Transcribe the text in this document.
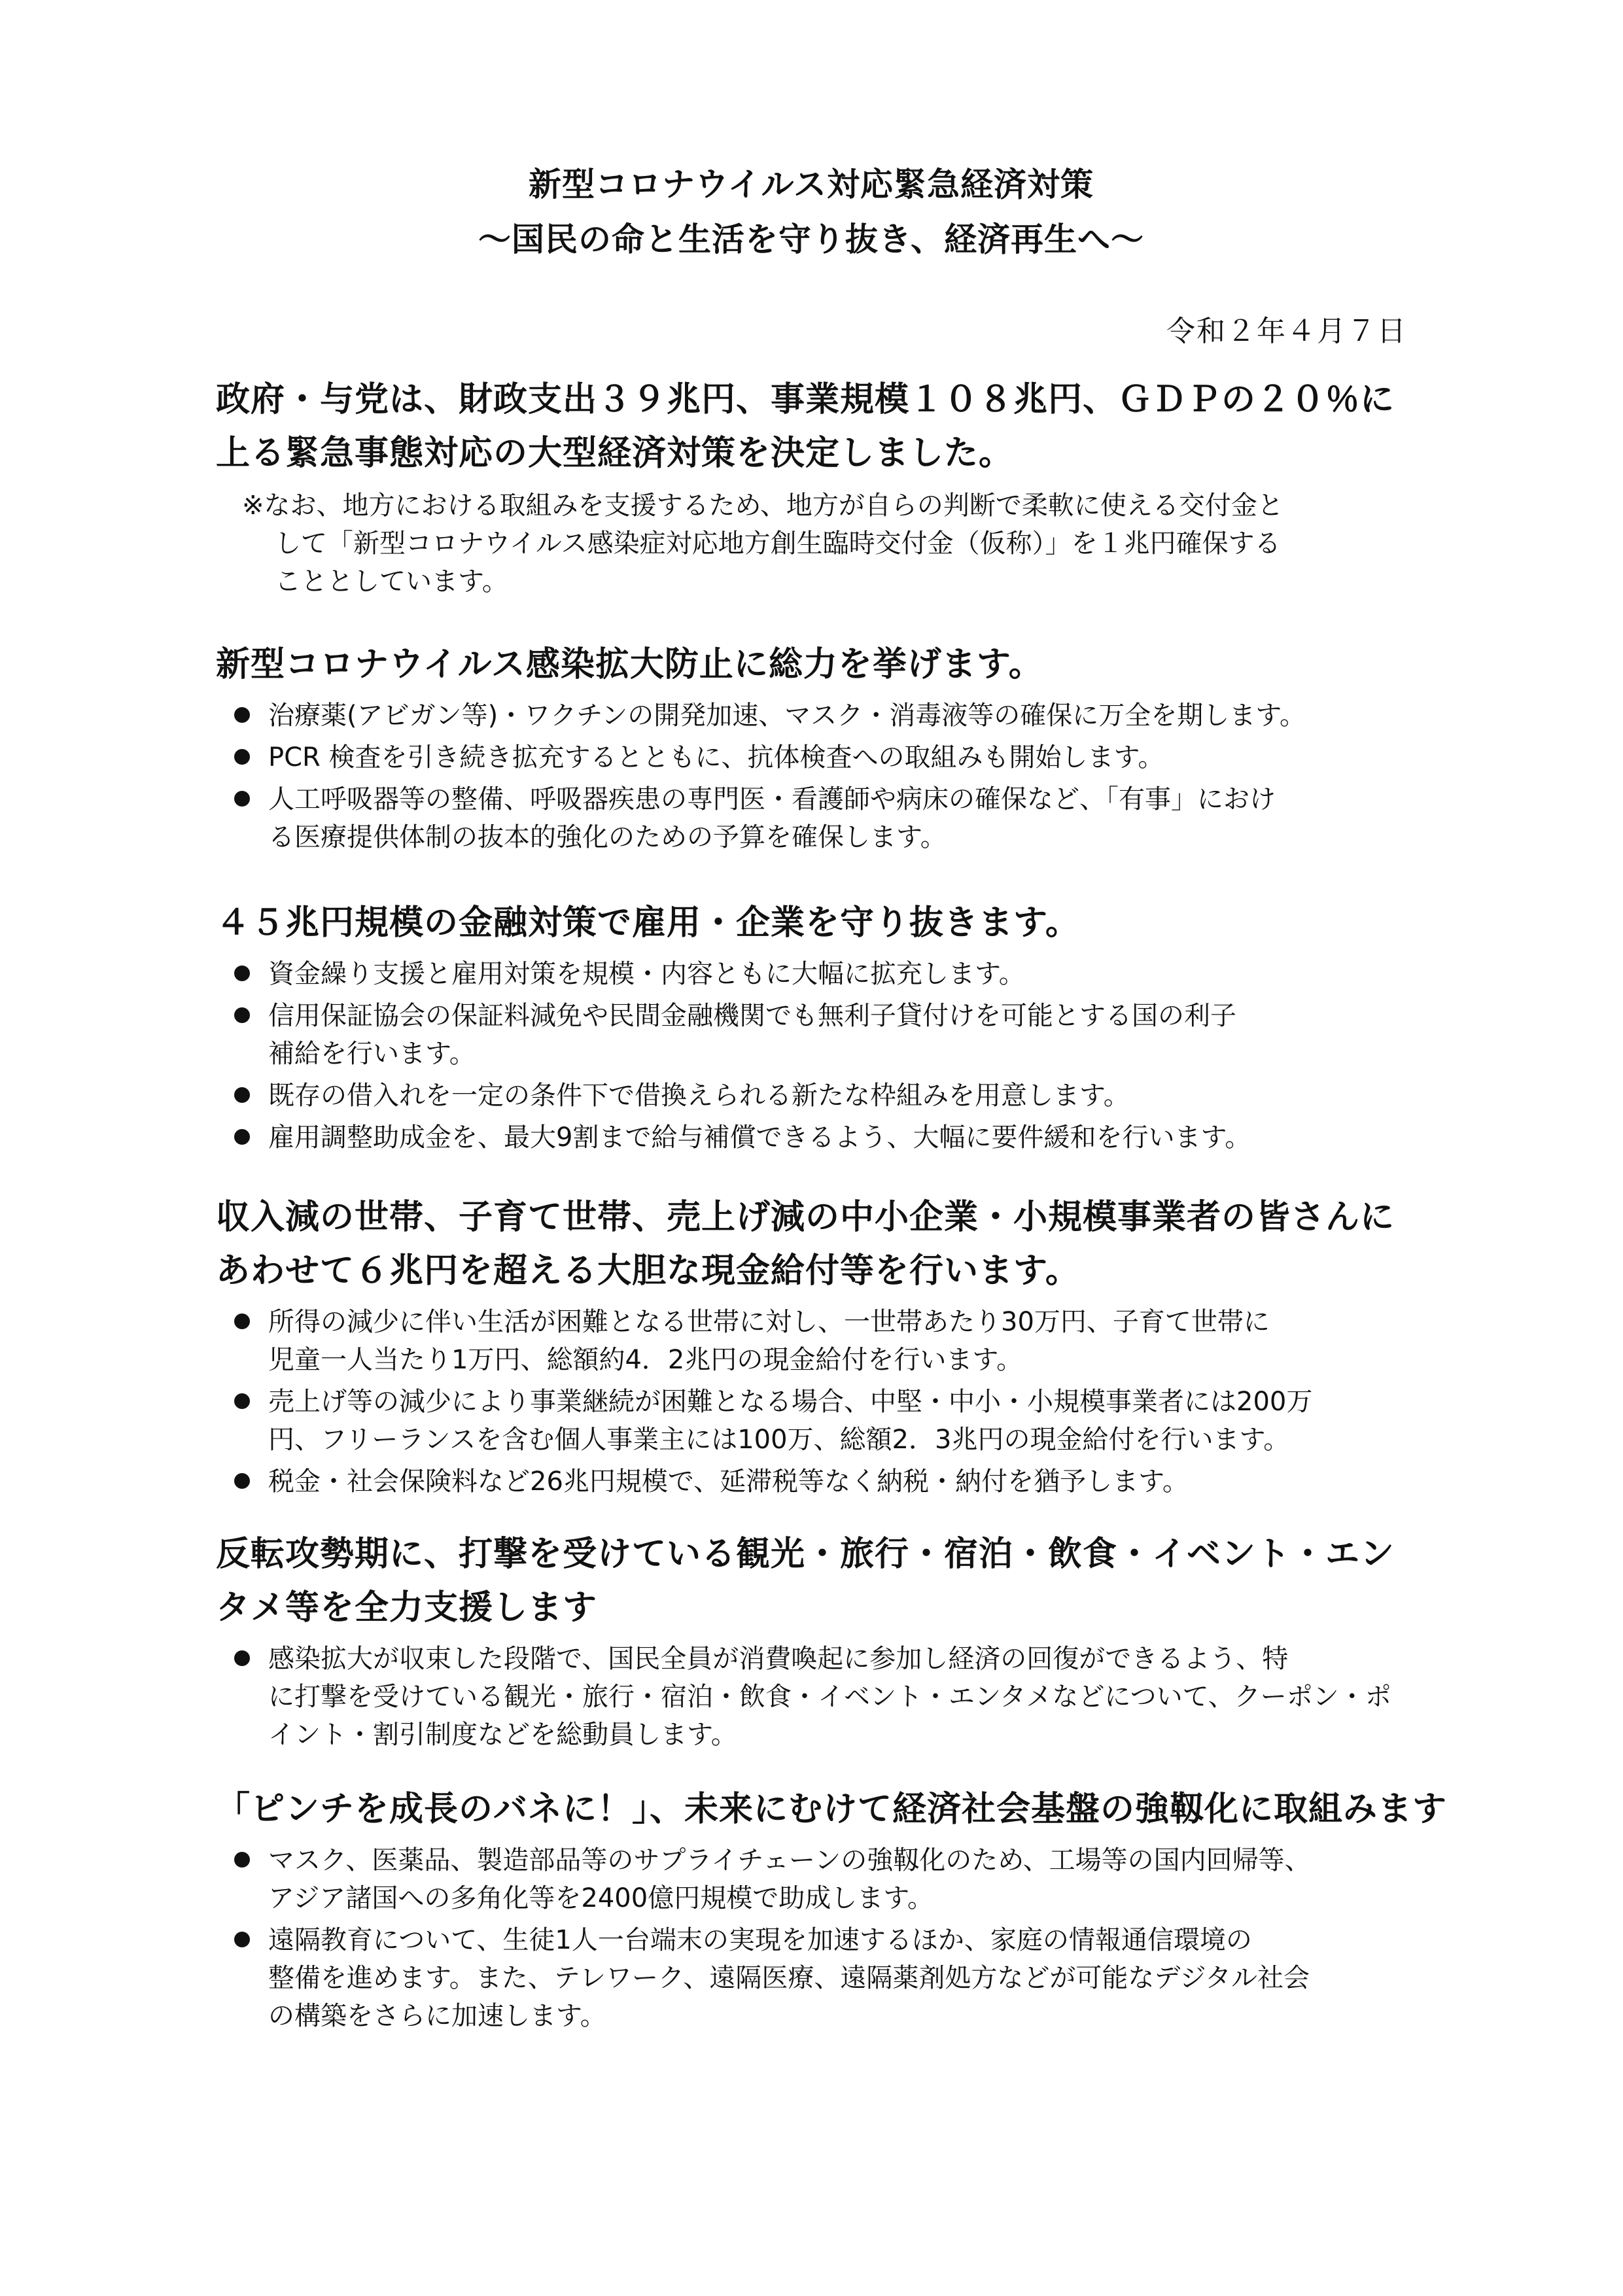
新型コロナウイルス対応緊急経済対策
～国民の命と生活を守り抜き、経済再生へ～
令和２年４月７日
政府・与党は、財政支出３９兆円、事業規模１０８兆円、ＧＤＰの２０％に
上る緊急事態対応の大型経済対策を決定しました。
※なお、地方における取組みを支援するため、地方が自らの判断で柔軟に使える交付金と
して「新型コロナウイルス感染症対応地方創生臨時交付金（仮称）」を１兆円確保する
こととしています。
新型コロナウイルス感染拡大防止に総力を挙げます。
治療薬(アビガン等)・ワクチンの開発加速、マスク・消毒液等の確保に万全を期します。
PCR 検査を引き続き拡充するとともに、抗体検査への取組みも開始します。
人工呼吸器等の整備、呼吸器疾患の専門医・看護師や病床の確保など、「有事」におけ
る医療提供体制の抜本的強化のための予算を確保します。
４５兆円規模の金融対策で雇用・企業を守り抜きます。
資金繰り支援と雇用対策を規模・内容ともに大幅に拡充します。
信用保証協会の保証料減免や民間金融機関でも無利子貸付けを可能とする国の利子
補給を行います。
既存の借入れを一定の条件下で借換えられる新たな枠組みを用意します。
雇用調整助成金を、最大9割まで給与補償できるよう、大幅に要件緩和を行います。
収入減の世帯、子育て世帯、売上げ減の中小企業・小規模事業者の皆さんに
あわせて６兆円を超える大胆な現金給付等を行います。
所得の減少に伴い生活が困難となる世帯に対し、一世帯あたり30万円、子育て世帯に
児童一人当たり1万円、総額約4．2兆円の現金給付を行います。
売上げ等の減少により事業継続が困難となる場合、中堅・中小・小規模事業者には200万
円、フリーランスを含む個人事業主には100万、総額2．3兆円の現金給付を行います。
税金・社会保険料など26兆円規模で、延滞税等なく納税・納付を猶予します。
反転攻勢期に、打撃を受けている観光・旅行・宿泊・飲食・イベント・エン
タメ等を全力支援します
感染拡大が収束した段階で、国民全員が消費喚起に参加し経済の回復ができるよう、特
に打撃を受けている観光・旅行・宿泊・飲食・イベント・エンタメなどについて、クーポン・ポ
イント・割引制度などを総動員します。
「ピンチを成長のバネに！」、未来にむけて経済社会基盤の強靱化に取組みます
マスク、医薬品、製造部品等のサプライチェーンの強靱化のため、工場等の国内回帰等、
アジア諸国への多角化等を2400億円規模で助成します。
遠隔教育について、生徒1人一台端末の実現を加速するほか、家庭の情報通信環境の
整備を進めます。また、テレワーク、遠隔医療、遠隔薬剤処方などが可能なデジタル社会
の構築をさらに加速します。
